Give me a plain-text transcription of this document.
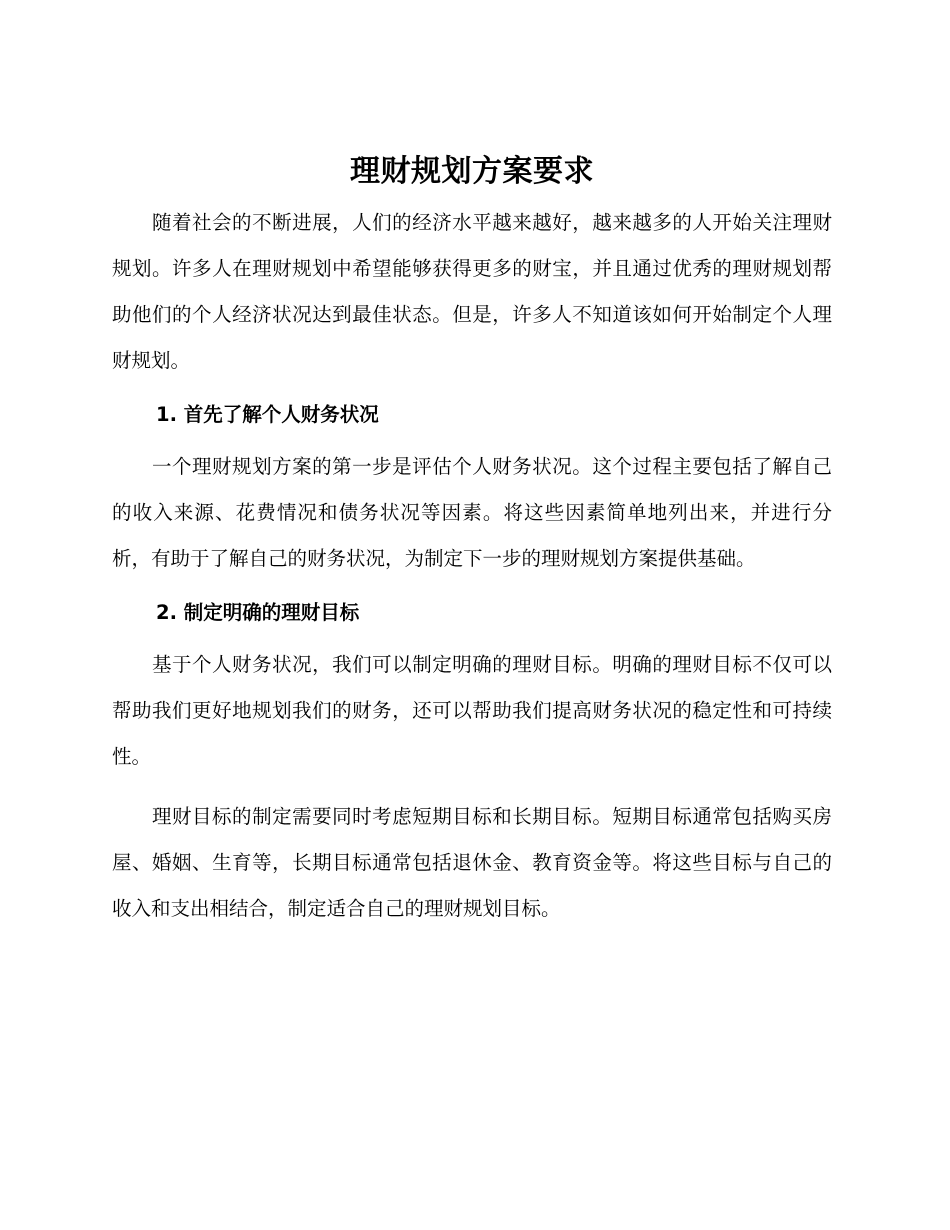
理财规划方案要求

随着社会的不断进展，人们的经济水平越来越好，越来越多的人开始关注理财规划。许多人在理财规划中希望能够获得更多的财宝，并且通过优秀的理财规划帮助他们的个人经济状况达到最佳状态。但是，许多人不知道该如何开始制定个人理财规划。

1. 首先了解个人财务状况

一个理财规划方案的第一步是评估个人财务状况。这个过程主要包括了解自己的收入来源、花费情况和债务状况等因素。将这些因素简单地列出来，并进行分析，有助于了解自己的财务状况，为制定下一步的理财规划方案提供基础。

2. 制定明确的理财目标

基于个人财务状况，我们可以制定明确的理财目标。明确的理财目标不仅可以帮助我们更好地规划我们的财务，还可以帮助我们提高财务状况的稳定性和可持续性。

理财目标的制定需要同时考虑短期目标和长期目标。短期目标通常包括购买房屋、婚姻、生育等，长期目标通常包括退休金、教育资金等。将这些目标与自己的收入和支出相结合，制定适合自己的理财规划目标。
